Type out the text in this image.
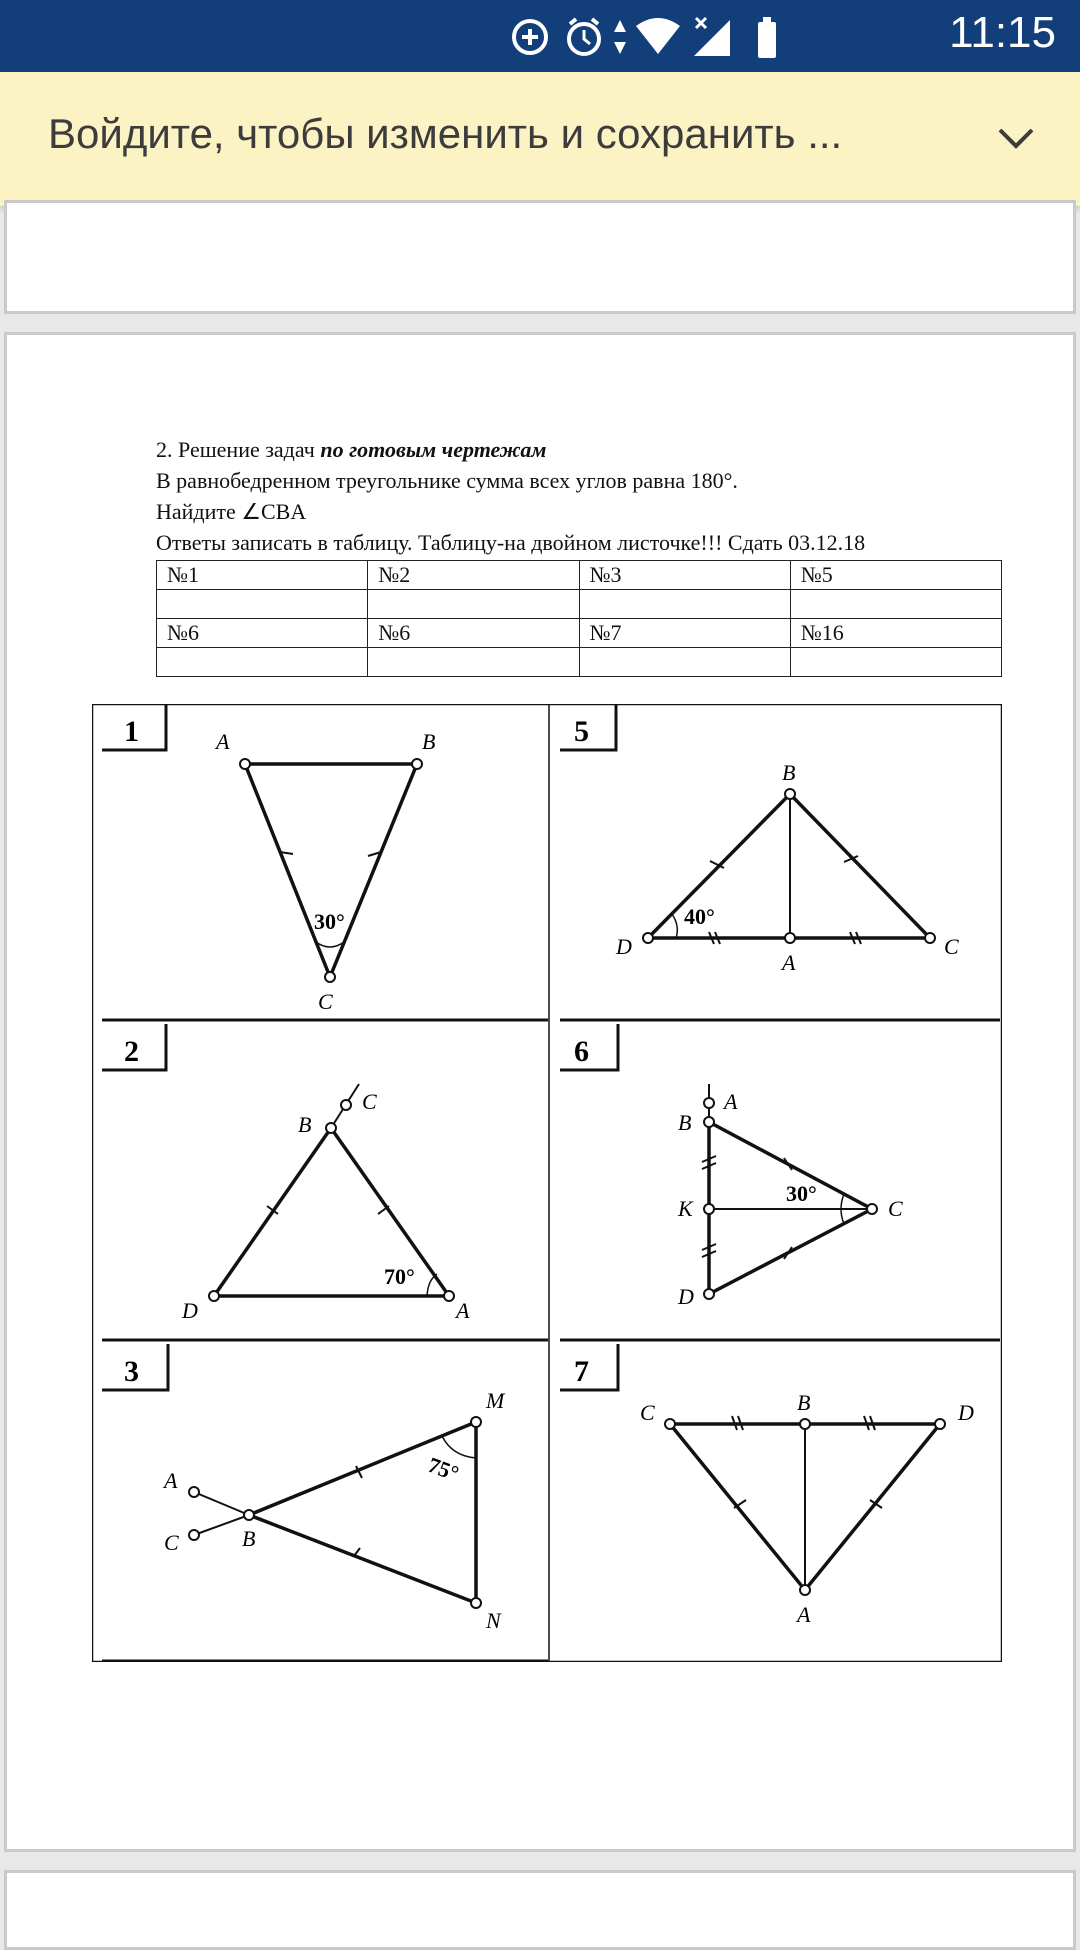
11:15
Войдите, чтобы изменить и сохранить ...
2. Решение задач по готовым чертежам
В равнобедренном треугольнике сумма всех углов равна 180°.
Найдите ∠CBA
Ответы записать в таблицу. Таблицу-на двойном листочке!!! Сдать 03.12.18
№1	№2	№3	№5

№6	№6	№7	№16

1	A	B
C
30°
5
B
D
A
C
40°
2
C
B
D	A
70°
6
A
B
K	C
D
30°
3
M
A
B
C
N
75°
7
C	B	D
A
